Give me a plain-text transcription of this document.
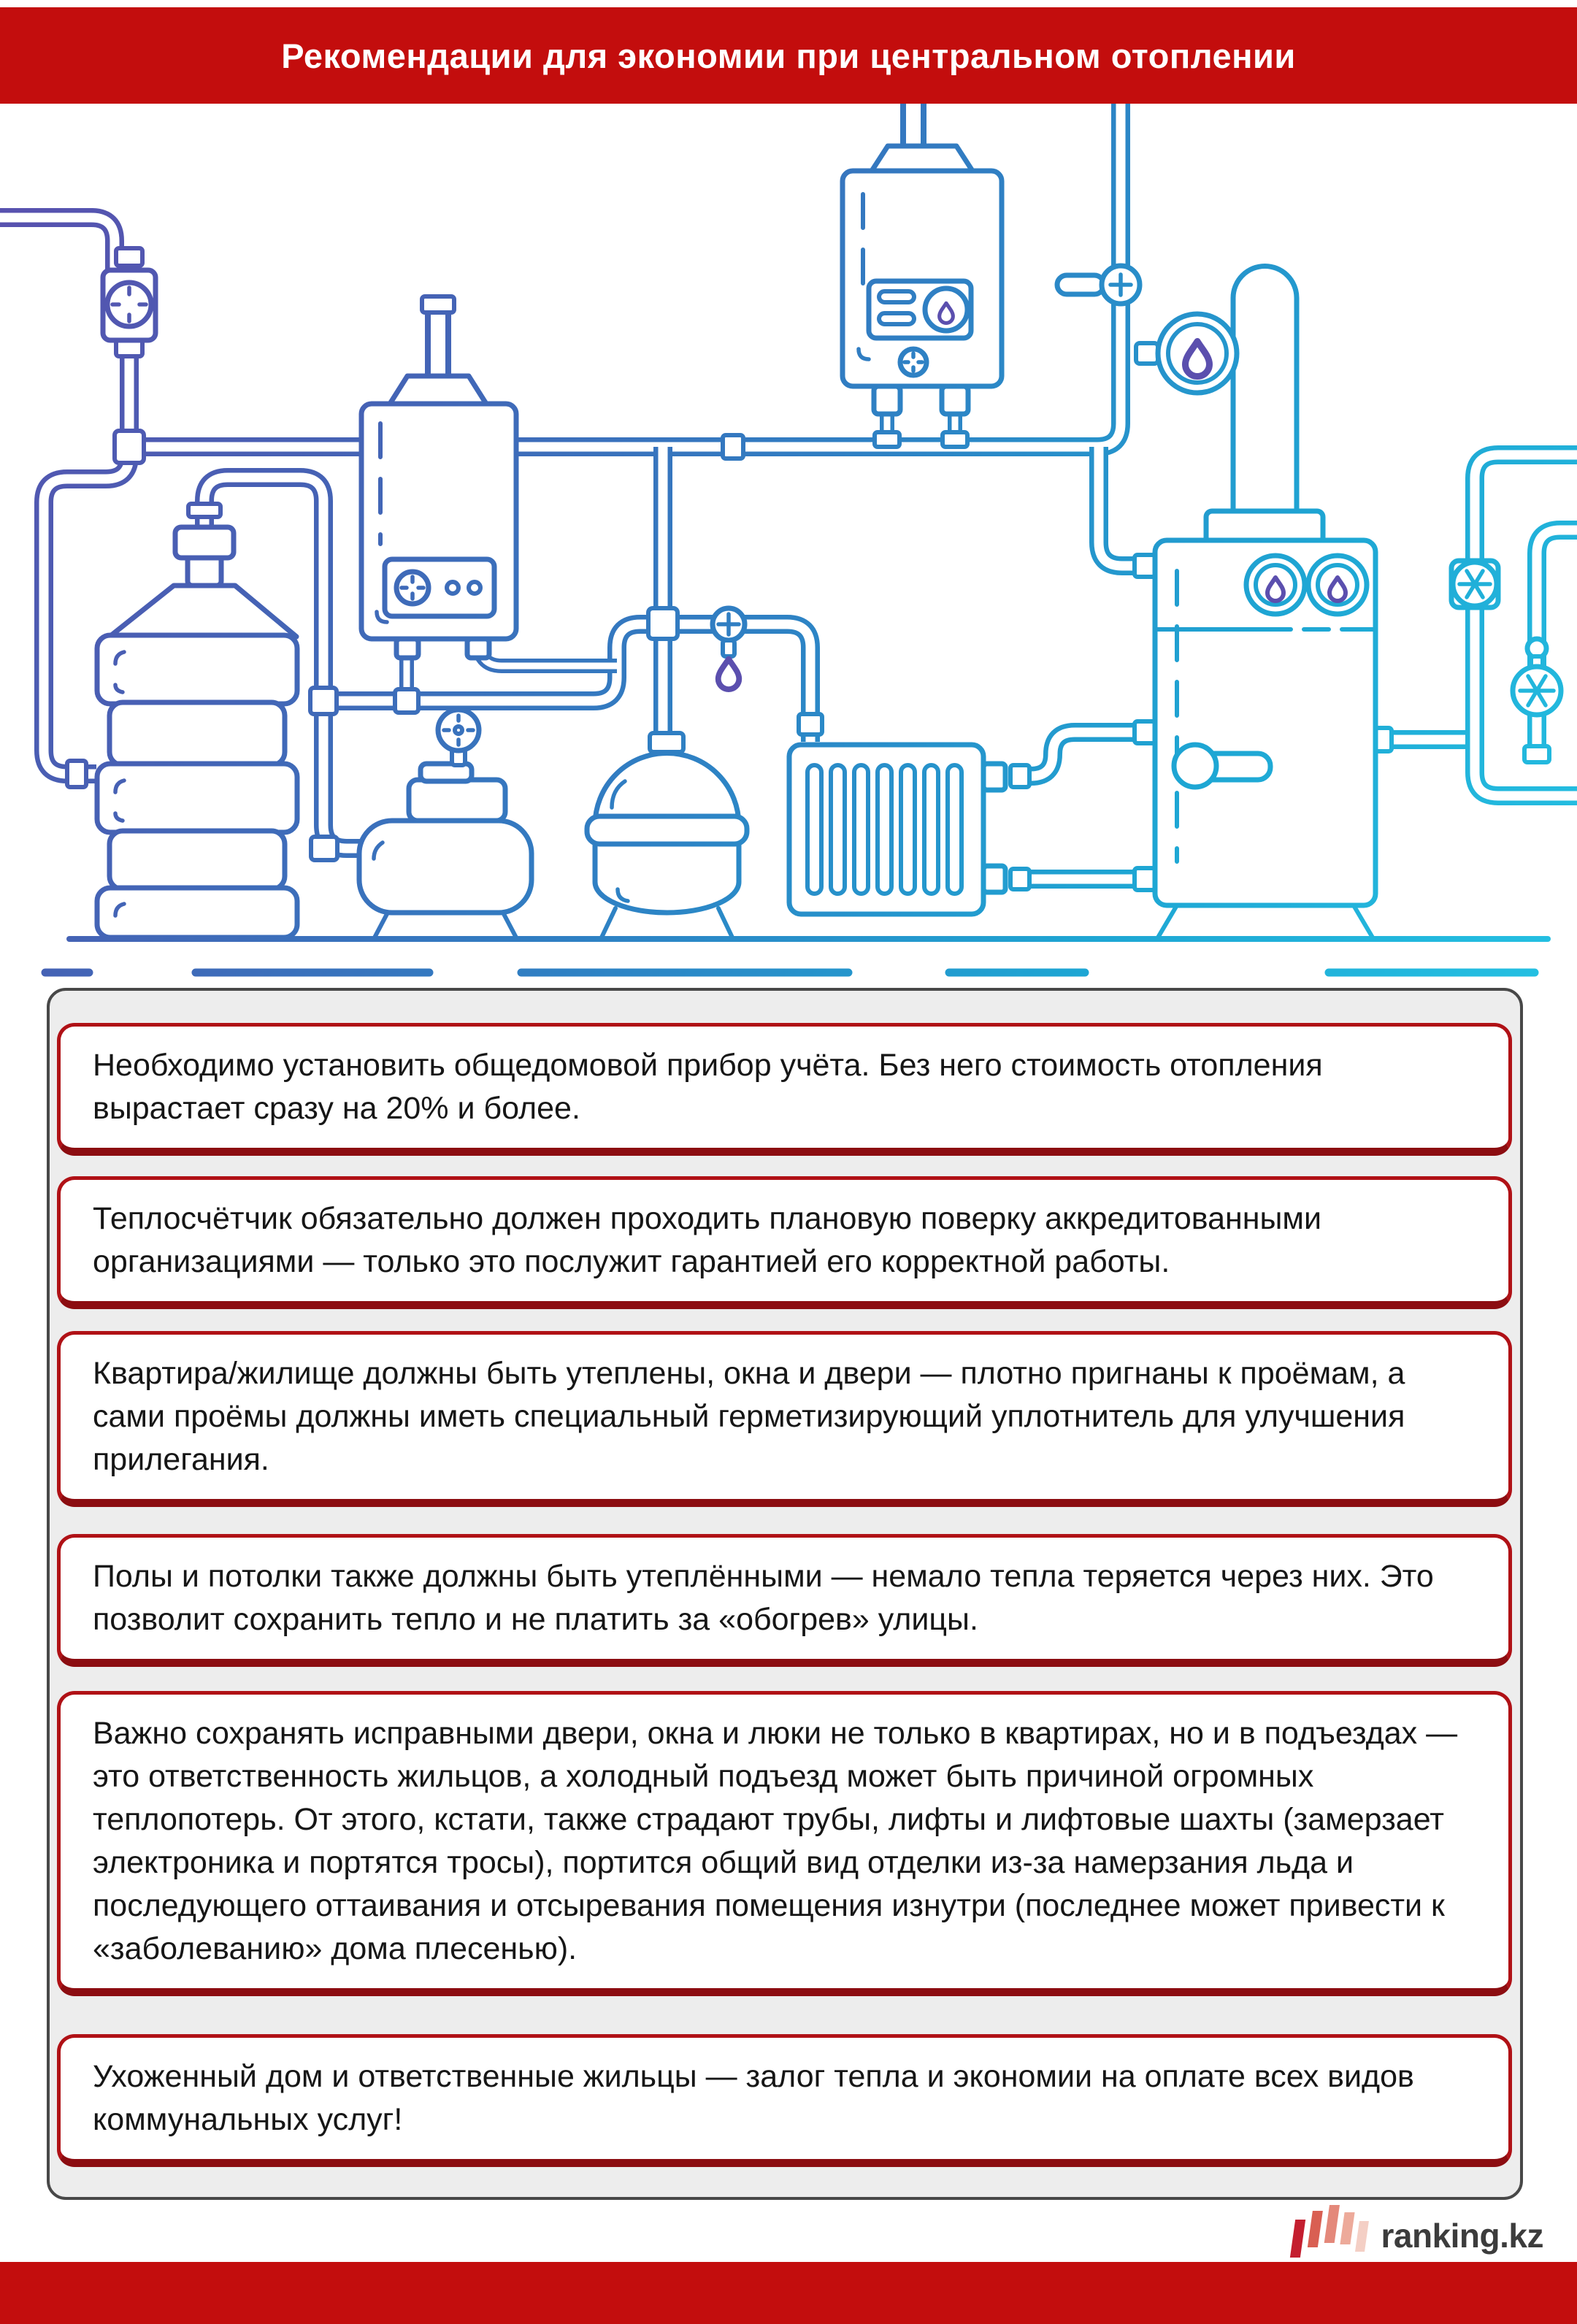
Рекомендации для экономии при центральном отоплении
Необходимо установить общедомовой прибор учёта. Без него стоимость отопления вырастает сразу на 20% и более.
Теплосчётчик обязательно должен проходить плановую поверку аккредитованными организациями — только это послужит гарантией его корректной работы.
Квартира/жилище должны быть утеплены, окна и двери — плотно пригнаны к проёмам, а сами проёмы должны иметь специальный герметизирующий уплотнитель для улучшения прилегания.
Полы и потолки также должны быть утеплёнными — немало тепла теряется через них. Это позволит сохранить тепло и не платить за «обогрев» улицы.
Важно сохранять исправными двери, окна и люки не только в квартирах, но и в подъездах — это ответственность жильцов, а холодный подъезд может быть причиной огромных теплопотерь. От этого, кстати, также страдают трубы, лифты и лифтовые шахты (замерзает электроника и портятся тросы), портится общий вид отделки из-за намерзания льда и последующего оттаивания и отсыревания помещения изнутри (последнее может привести к «заболеванию» дома плесенью).
Ухоженный дом и ответственные жильцы — залог тепла и экономии на оплате всех видов коммунальных услуг!
ranking.kz
